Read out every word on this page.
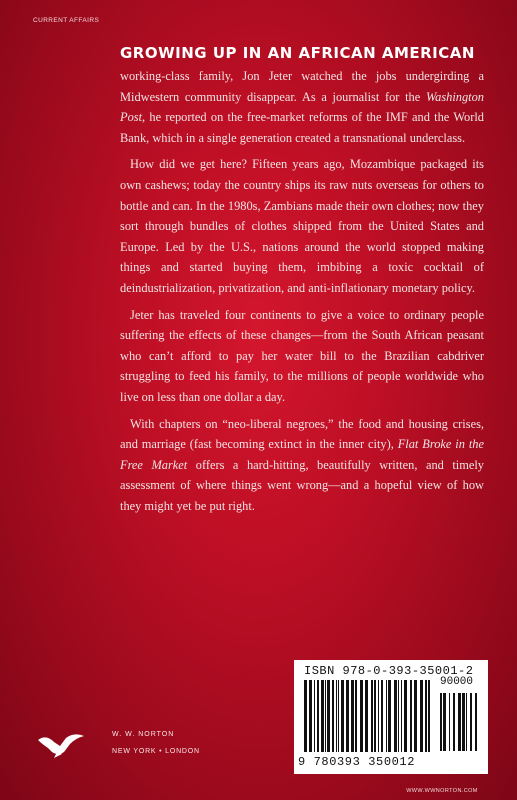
CURRENT AFFAIRS
GROWING UP IN AN AFRICAN AMERICAN

working-class family, Jon Jeter watched the jobs undergirding a Midwestern community disappear. As a journalist for the Washington Post, he reported on the free-market reforms of the IMF and the World Bank, which in a single generation created a transnational underclass.

How did we get here? Fifteen years ago, Mozambique packaged its own cashews; today the country ships its raw nuts overseas for others to bottle and can. In the 1980s, Zambians made their own clothes; now they sort through bundles of clothes shipped from the United States and Europe. Led by the U.S., nations around the world stopped making things and started buying them, imbibing a toxic cocktail of deindustrialization, privatization, and anti-inflationary monetary policy.

Jeter has traveled four continents to give a voice to ordinary people suffering the effects of these changes—from the South African peasant who can’t afford to pay her water bill to the Brazilian cabdriver struggling to feed his family, to the millions of people worldwide who live on less than one dollar a day.

With chapters on “neo-liberal negroes,” the food and housing crises, and marriage (fast becoming extinct in the inner city), Flat Broke in the Free Market offers a hard-hitting, beautifully written, and timely assessment of where things went wrong—and a hopeful view of how they might yet be put right.

W. W. NORTON
NEW YORK • LONDON
ISBN 978-0-393-35001-2
90000
9 780393 350012
WWW.WWNORTON.COM
